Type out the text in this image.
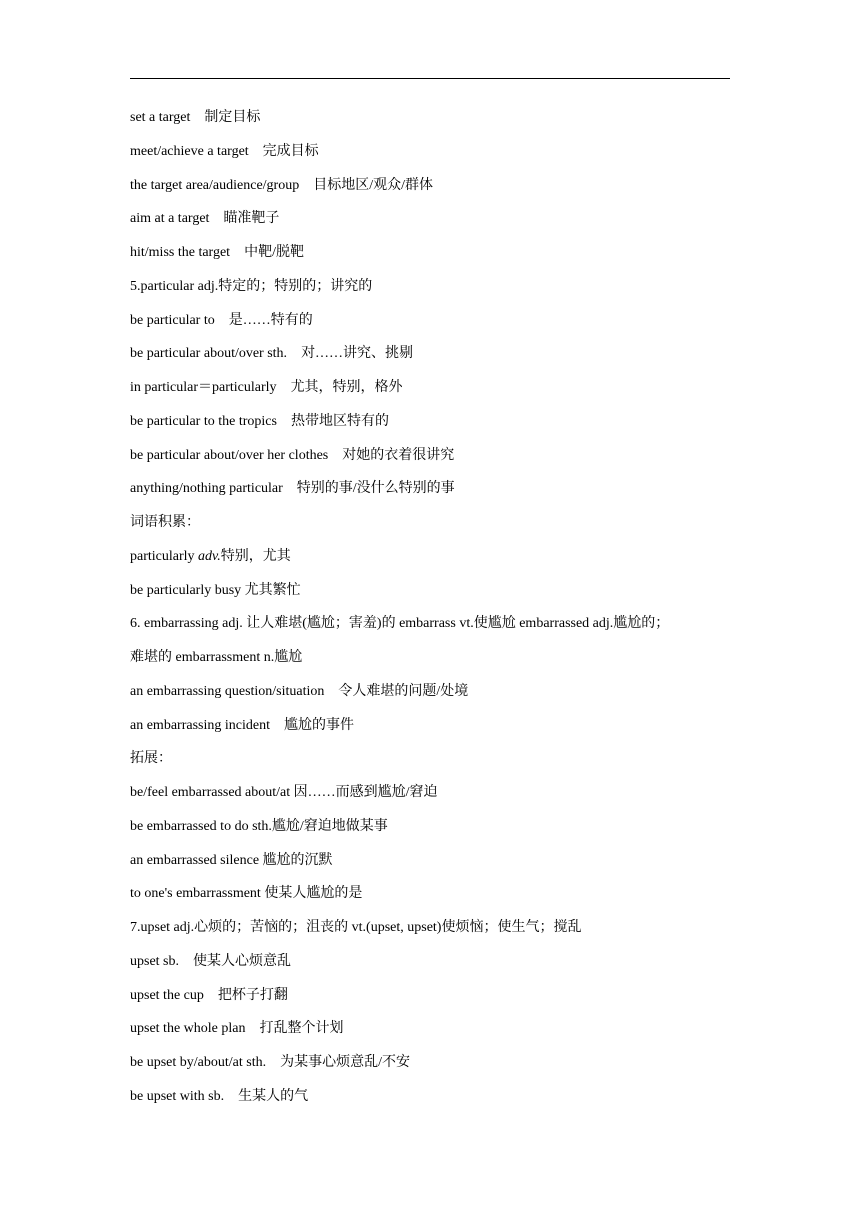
set a target 制定目标
meet/achieve a target 完成目标
the target area/audience/group 目标地区/观众/群体
aim at a target 瞄准靶子
hit/miss the target 中靶/脱靶
5.particular adj.特定的；特别的；讲究的
be particular to 是……特有的
be particular about/over sth. 对……讲究、挑剔
in particular＝particularly 尤其，特别，格外
be particular to the tropics 热带地区特有的
be particular about/over her clothes 对她的衣着很讲究
anything/nothing particular 特别的事/没什么特别的事
词语积累：
particularly adv.特别，尤其
be particularly busy 尤其繁忙
6. embarrassing adj. 让人难堪(尴尬；害羞)的 embarrass vt.使尴尬 embarrassed adj.尴尬的；
难堪的 embarrassment n.尴尬
an embarrassing question/situation 令人难堪的问题/处境
an embarrassing incident 尴尬的事件
拓展：
be/feel embarrassed about/at 因……而感到尴尬/窘迫
be embarrassed to do sth.尴尬/窘迫地做某事
an embarrassed silence 尴尬的沉默
to one's embarrassment 使某人尴尬的是
7.upset adj.心烦的；苦恼的；沮丧的 vt.(upset, upset)使烦恼；使生气；搅乱
upset sb. 使某人心烦意乱
upset the cup 把杯子打翻
upset the whole plan 打乱整个计划
be upset by/about/at sth. 为某事心烦意乱/不安
be upset with sb. 生某人的气
